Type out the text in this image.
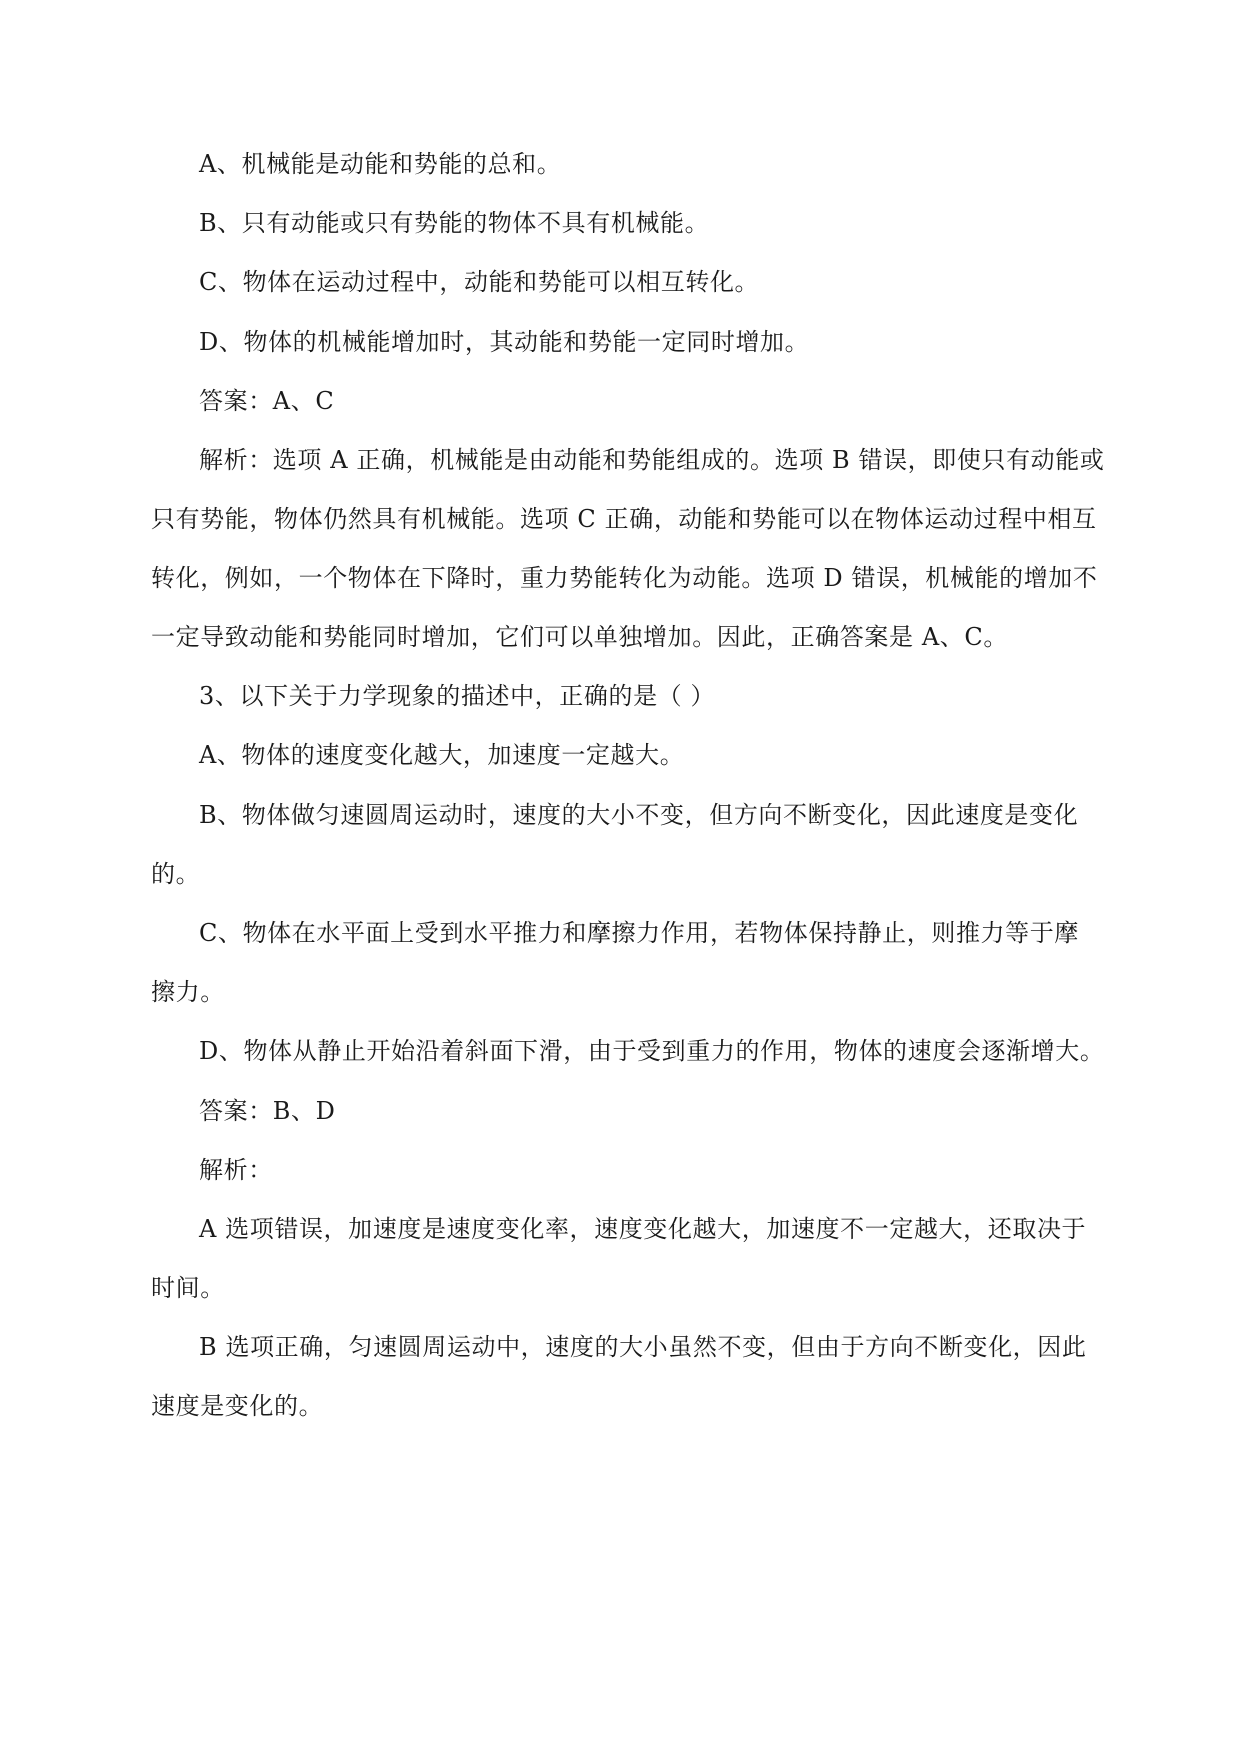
A、机械能是动能和势能的总和。
B、只有动能或只有势能的物体不具有机械能。
C、物体在运动过程中，动能和势能可以相互转化。
D、物体的机械能增加时，其动能和势能一定同时增加。
答案：A、C
解析：选项 A 正确，机械能是由动能和势能组成的。选项 B 错误，即使只有动能或
只有势能，物体仍然具有机械能。选项 C 正确，动能和势能可以在物体运动过程中相互
转化，例如，一个物体在下降时，重力势能转化为动能。选项 D 错误，机械能的增加不
一定导致动能和势能同时增加，它们可以单独增加。因此，正确答案是 A、C。
3、以下关于力学现象的描述中，正确的是（ ）
A、物体的速度变化越大，加速度一定越大。
B、物体做匀速圆周运动时，速度的大小不变，但方向不断变化，因此速度是变化
的。
C、物体在水平面上受到水平推力和摩擦力作用，若物体保持静止，则推力等于摩
擦力。
D、物体从静止开始沿着斜面下滑，由于受到重力的作用，物体的速度会逐渐增大。
答案：B、D
解析：
A 选项错误，加速度是速度变化率，速度变化越大，加速度不一定越大，还取决于
时间。
B 选项正确，匀速圆周运动中，速度的大小虽然不变，但由于方向不断变化，因此
速度是变化的。
